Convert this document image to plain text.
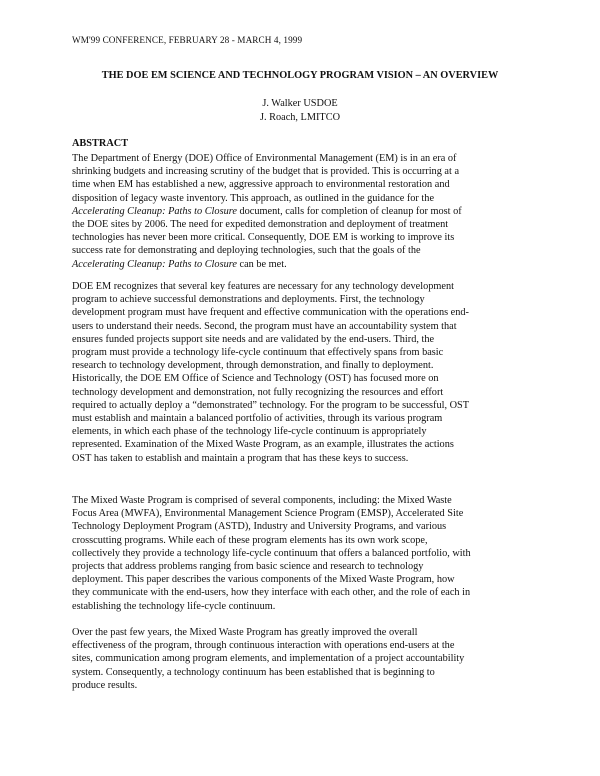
WM'99 CONFERENCE, FEBRUARY 28 - MARCH 4, 1999
THE DOE EM SCIENCE AND TECHNOLOGY PROGRAM VISION – AN OVERVIEW
J. Walker USDOE
J. Roach, LMITCO
ABSTRACT
The Department of Energy (DOE) Office of Environmental Management (EM) is in an era of
shrinking budgets and increasing scrutiny of the budget that is provided. This is occurring at a
time when EM has established a new, aggressive approach to environmental restoration and
disposition of legacy waste inventory. This approach, as outlined in the guidance for the
Accelerating Cleanup: Paths to Closure document, calls for completion of cleanup for most of
the DOE sites by 2006. The need for expedited demonstration and deployment of treatment
technologies has never been more critical. Consequently, DOE EM is working to improve its
success rate for demonstrating and deploying technologies, such that the goals of the
Accelerating Cleanup: Paths to Closure can be met.
DOE EM recognizes that several key features are necessary for any technology development
program to achieve successful demonstrations and deployments. First, the technology
development program must have frequent and effective communication with the operations end-
users to understand their needs. Second, the program must have an accountability system that
ensures funded projects support site needs and are validated by the end-users. Third, the
program must provide a technology life-cycle continuum that effectively spans from basic
research to technology development, through demonstration, and finally to deployment.
Historically, the DOE EM Office of Science and Technology (OST) has focused more on
technology development and demonstration, not fully recognizing the resources and effort
required to actually deploy a “demonstrated” technology. For the program to be successful, OST
must establish and maintain a balanced portfolio of activities, through its various program
elements, in which each phase of the technology life-cycle continuum is appropriately
represented. Examination of the Mixed Waste Program, as an example, illustrates the actions
OST has taken to establish and maintain a program that has these keys to success.
The Mixed Waste Program is comprised of several components, including: the Mixed Waste
Focus Area (MWFA), Environmental Management Science Program (EMSP), Accelerated Site
Technology Deployment Program (ASTD), Industry and University Programs, and various
crosscutting programs. While each of these program elements has its own work scope,
collectively they provide a technology life-cycle continuum that offers a balanced portfolio, with
projects that address problems ranging from basic science and research to technology
deployment. This paper describes the various components of the Mixed Waste Program, how
they communicate with the end-users, how they interface with each other, and the role of each in
establishing the technology life-cycle continuum.
Over the past few years, the Mixed Waste Program has greatly improved the overall
effectiveness of the program, through continuous interaction with operations end-users at the
sites, communication among program elements, and implementation of a project accountability
system. Consequently, a technology continuum has been established that is beginning to
produce results.
